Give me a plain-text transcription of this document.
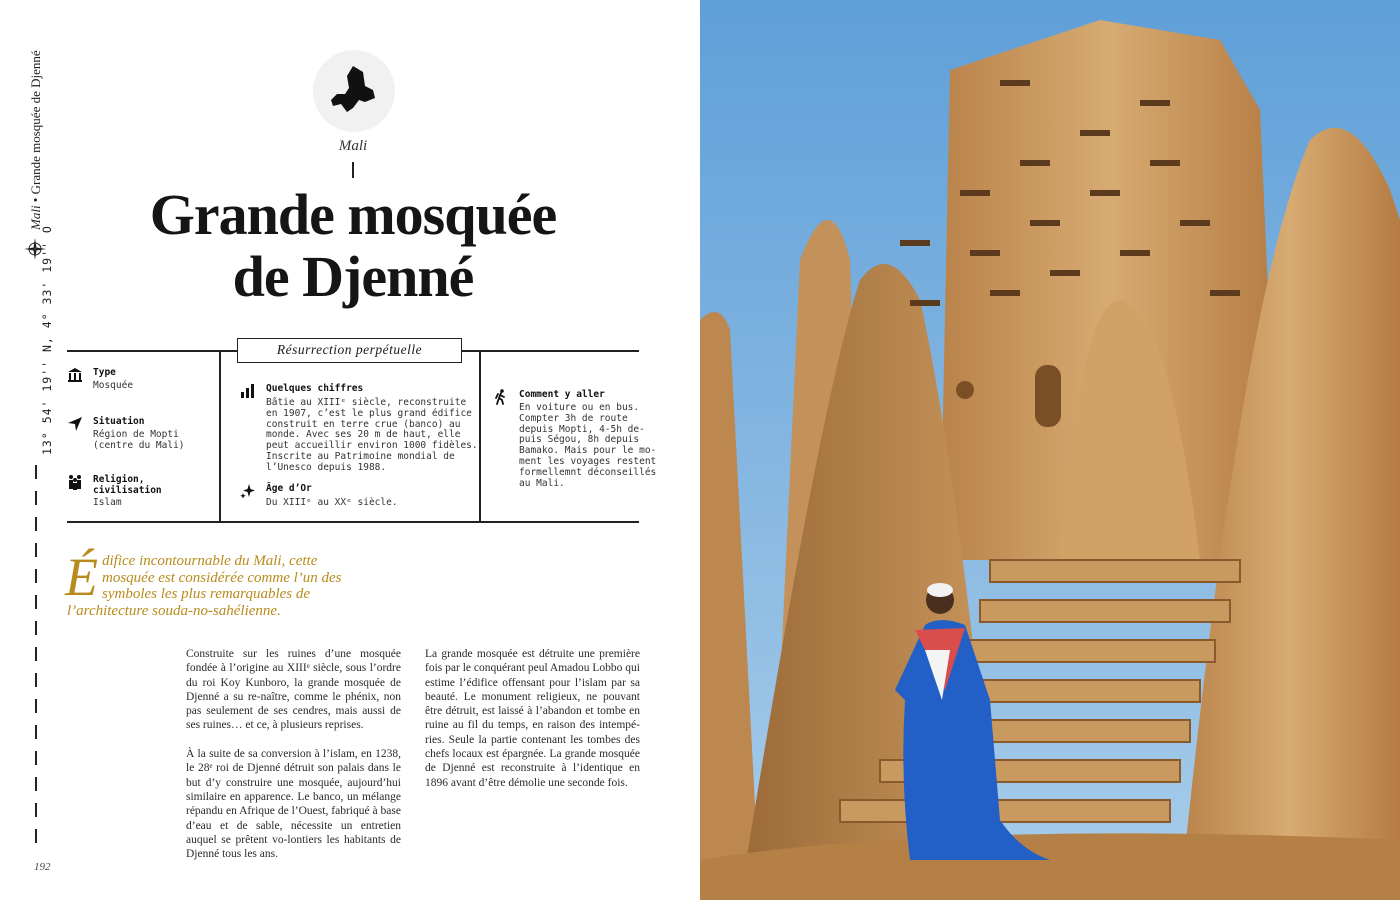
Mali • Grande mosquée de Djenné
13° 54' 19'' N, 4° 33' 19'' O
192
Mali
Grande mosquée
de Djenné
Résurrection perpétuelle
Type
Mosquée
Situation
Région de Mopti
(centre du Mali)
Religion,
civilisation
Islam
Quelques chiffres
Bâtie au XIIIᵉ siècle, reconstruite
en 1907, c’est le plus grand édifice
construit en terre crue (banco) au
monde. Avec ses 20 m de haut, elle
peut accueillir environ 1000 fidèles.
Inscrite au Patrimoine mondial de
l’Unesco depuis 1988.
Âge d’Or
Du XIIIᵉ au XXᵉ siècle.
Comment y aller
En voiture ou en bus.
Compter 3h de route
depuis Mopti, 4-5h de-
puis Ségou, 8h depuis
Bamako. Mais pour le mo-
ment les voyages restent
formellemnt déconseillés
au Mali.
Édifice incontournable du Mali, cette mosquée est considérée comme l’un des symboles les plus remarquables de l’architecture souda-no-sahélienne.

Construite sur les ruines d’une mosquée fondée à l’origine au XIIIᵉ siècle, sous l’ordre du roi Koy Kunboro, la grande mosquée de Djenné a su re-naître, comme le phénix, non pas seulement de ses cendres, mais aussi de ses ruines… et ce, à plusieurs reprises.

À la suite de sa conversion à l’islam, en 1238, le 28ᵉ roi de Djenné détruit son palais dans le but d’y construire une mosquée, aujourd’hui similaire en apparence. Le banco, un mélange répandu en Afrique de l’Ouest, fabriqué à base d’eau et de sable, nécessite un entretien auquel se prêtent vo-lontiers les habitants de Djenné tous les ans.

La grande mosquée est détruite une première fois par le conquérant peul Amadou Lobbo qui estime l’édifice offensant pour l’islam par sa beauté. Le monument religieux, ne pouvant être détruit, est laissé à l’abandon et tombe en ruine au fil du temps, en raison des intempé-ries. Seule la partie contenant les tombes des chefs locaux est épargnée. La grande mosquée de Djenné est reconstruite à l’identique en 1896 avant d’être démolie une seconde fois.
